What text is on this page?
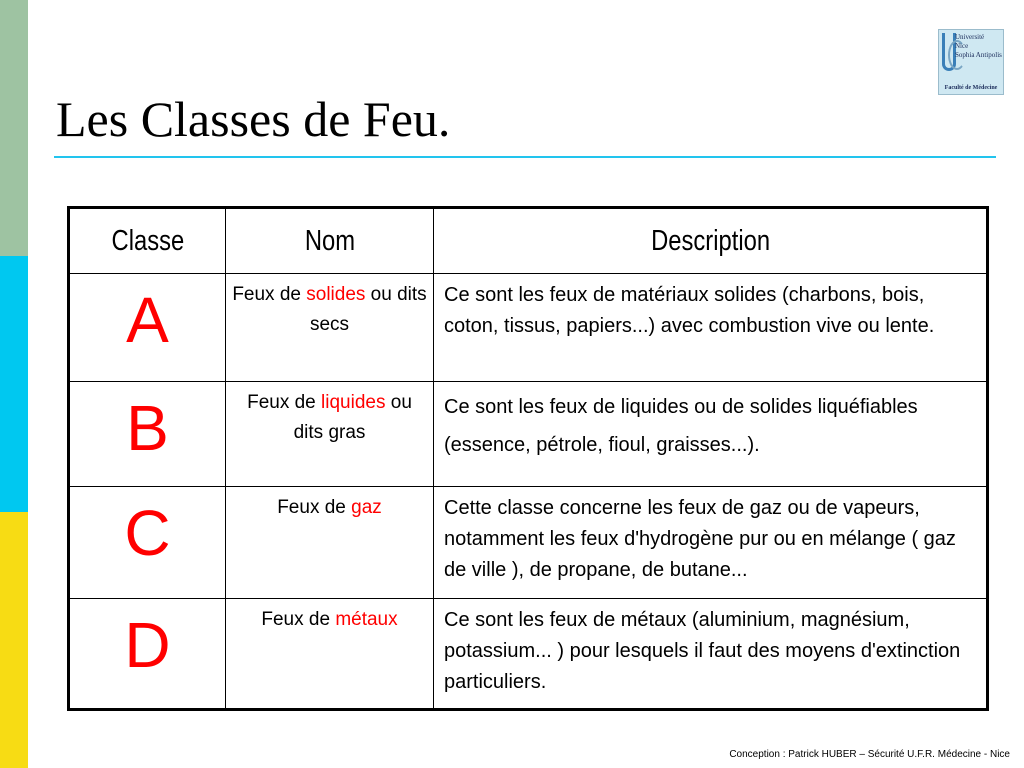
Les Classes de Feu.
Université
Nice
Sophia Antipolis
Faculté de Médecine
Classe	Nom	Description
A	Feux de solides ou dits secs	Ce sont les feux de matériaux solides (charbons, bois, coton, tissus, papiers...) avec combustion vive ou lente.
B	Feux de liquides ou dits gras	Ce sont les feux de liquides ou de solides liquéfiables (essence, pétrole, fioul, graisses...).
C	Feux de gaz	Cette classe concerne les feux de gaz ou de vapeurs, notamment les feux d'hydrogène pur ou en mélange ( gaz de ville ), de propane, de butane...
D	Feux de métaux	Ce sont les feux de métaux (aluminium, magnésium, potassium... ) pour lesquels il faut des moyens d'extinction particuliers.
Conception : Patrick HUBER – Sécurité U.F.R. Médecine - Nice
